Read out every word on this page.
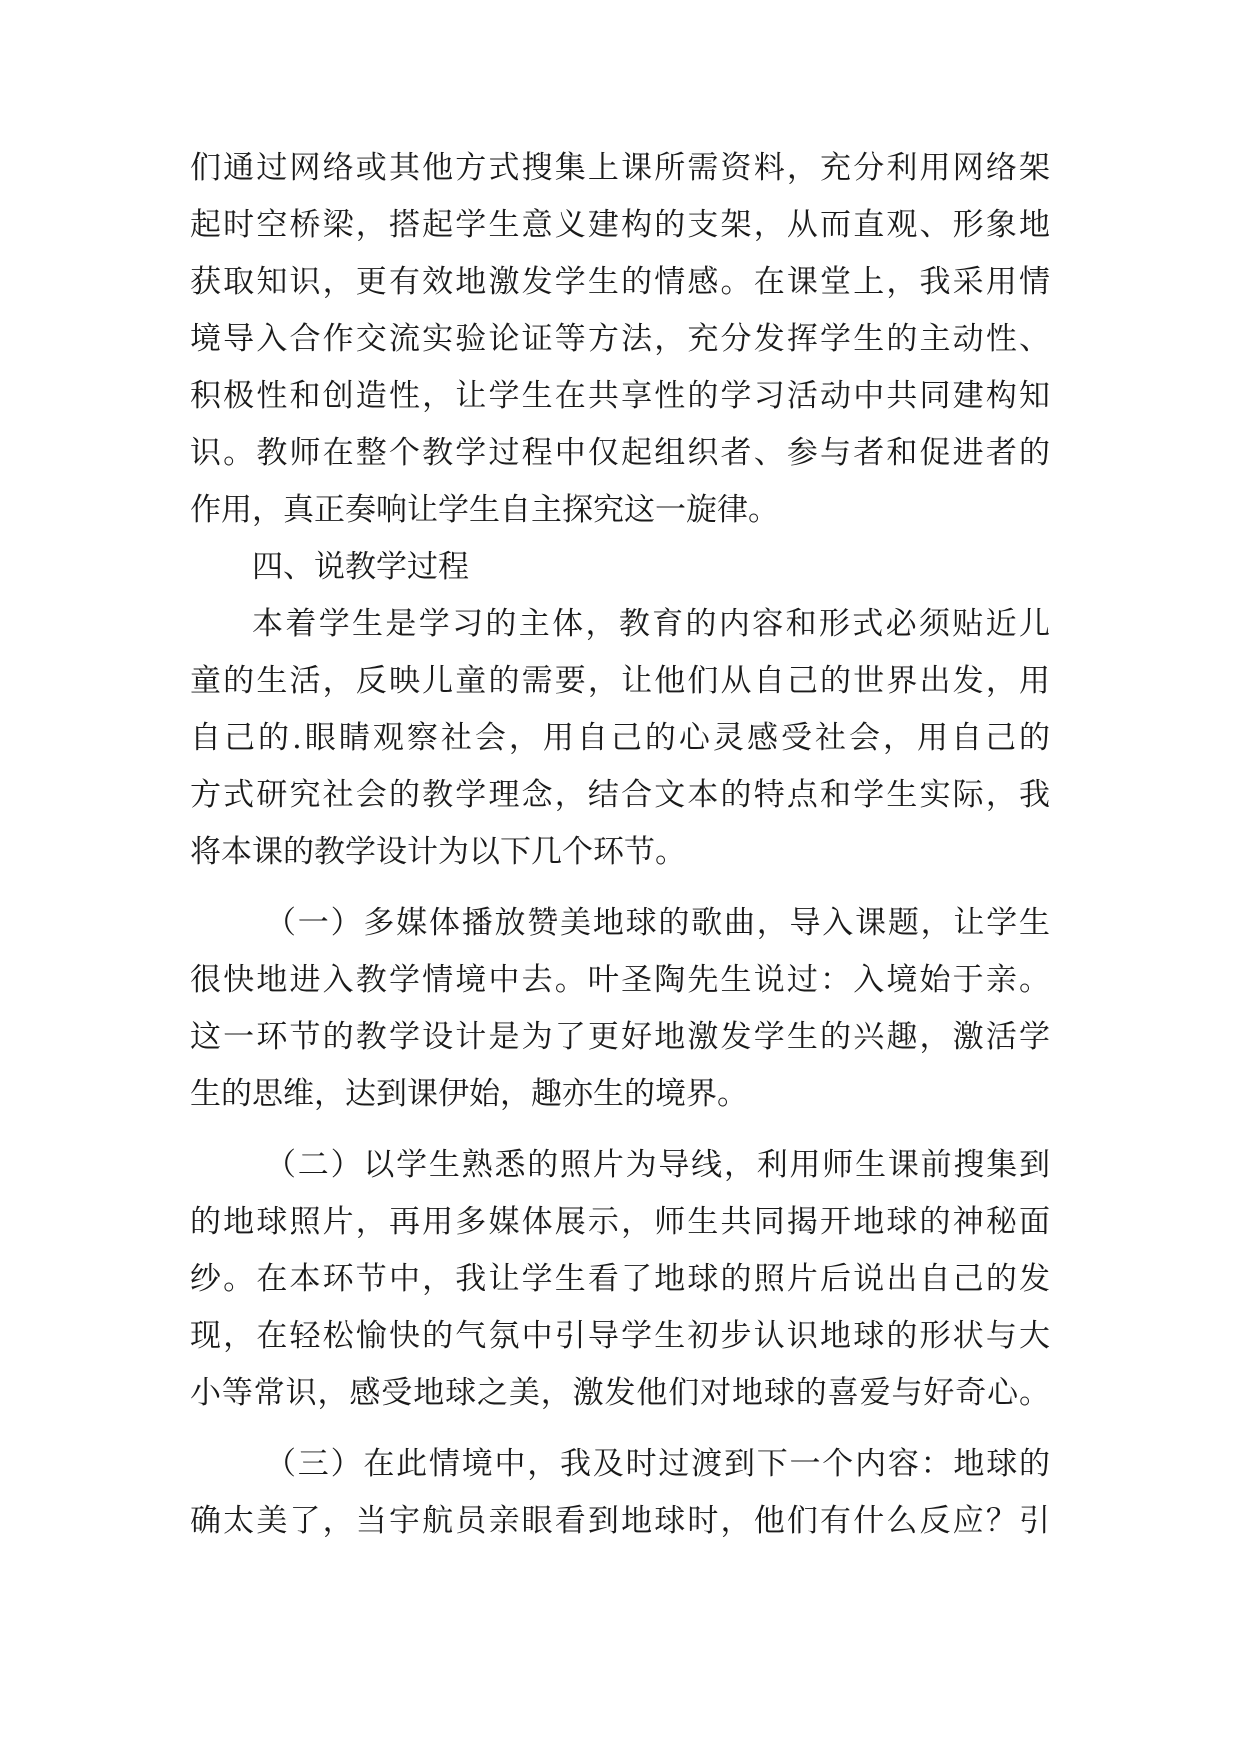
们通过网络或其他方式搜集上课所需资料，充分利用网络架
起时空桥梁，搭起学生意义建构的支架，从而直观、形象地
获取知识，更有效地激发学生的情感。在课堂上，我采用情
境导入合作交流实验论证等方法，充分发挥学生的主动性、
积极性和创造性，让学生在共享性的学习活动中共同建构知
识。教师在整个教学过程中仅起组织者、参与者和促进者的
作用，真正奏响让学生自主探究这一旋律。
四、说教学过程
本着学生是学习的主体，教育的内容和形式必须贴近儿
童的生活，反映儿童的需要，让他们从自己的世界出发，用
自己的.眼睛观察社会，用自己的心灵感受社会，用自己的
方式研究社会的教学理念，结合文本的特点和学生实际，我
将本课的教学设计为以下几个环节。
（一）多媒体播放赞美地球的歌曲，导入课题，让学生
很快地进入教学情境中去。叶圣陶先生说过：入境始于亲。
这一环节的教学设计是为了更好地激发学生的兴趣，激活学
生的思维，达到课伊始，趣亦生的境界。
（二）以学生熟悉的照片为导线，利用师生课前搜集到
的地球照片，再用多媒体展示，师生共同揭开地球的神秘面
纱。在本环节中，我让学生看了地球的照片后说出自己的发
现，在轻松愉快的气氛中引导学生初步认识地球的形状与大
小等常识，感受地球之美，激发他们对地球的喜爱与好奇心。
（三）在此情境中，我及时过渡到下一个内容：地球的
确太美了，当宇航员亲眼看到地球时，他们有什么反应？引
